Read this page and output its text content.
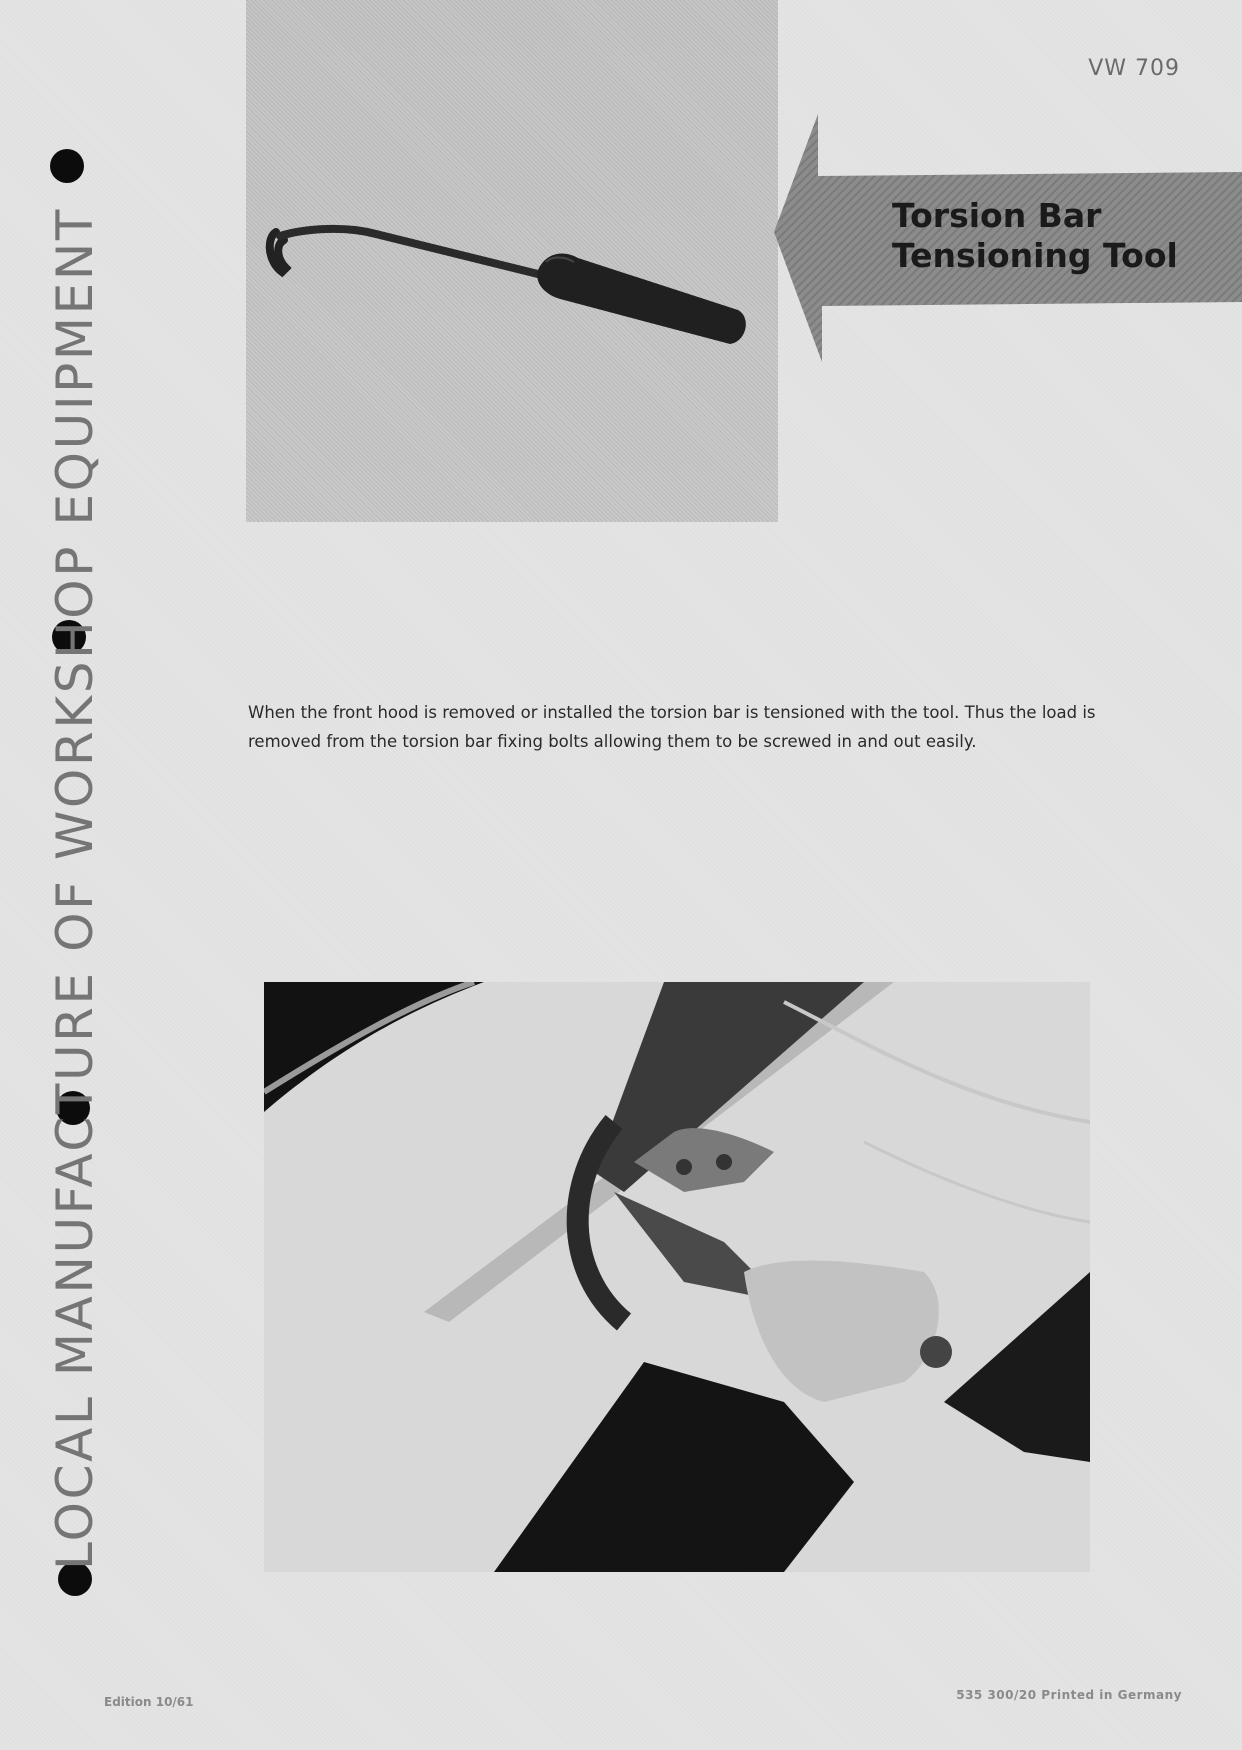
LOCAL MANUFACTURE OF WORKSHOP EQUIPMENT
VW 709
Torsion Bar
Tensioning Tool
When the front hood is removed or installed the torsion bar is tensioned with the tool. Thus the load is removed from the torsion bar fixing bolts allowing them to be screwed in and out easily.
Edition 10/61	535 300/20 Printed in Germany
